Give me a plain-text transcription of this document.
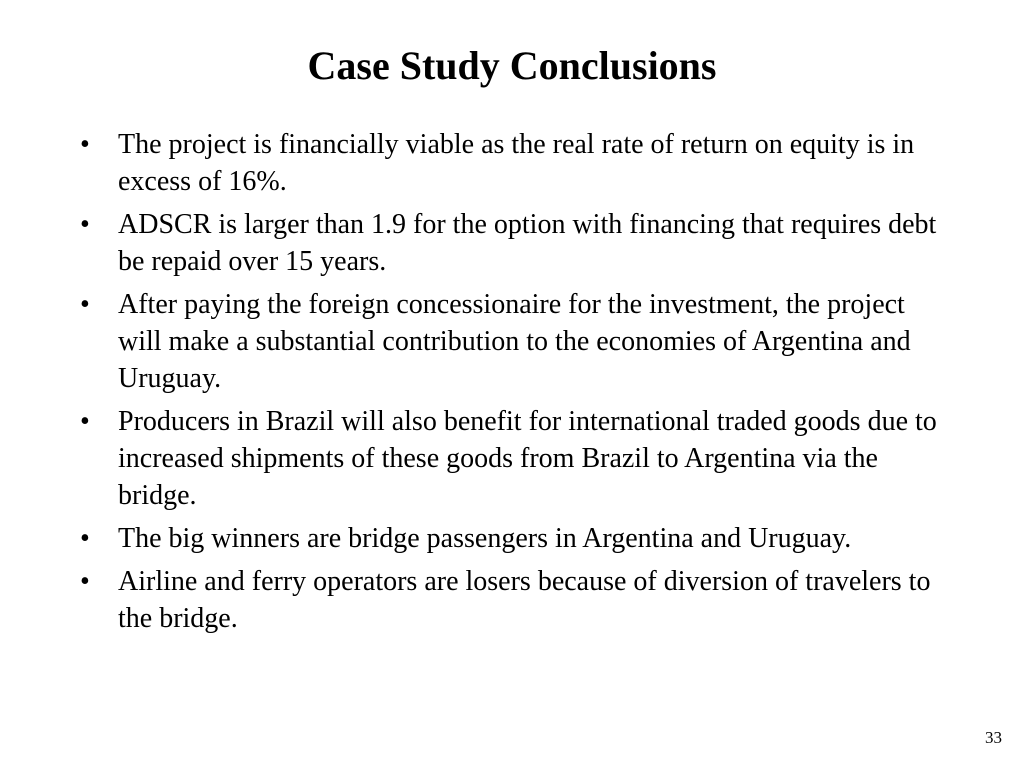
Case Study Conclusions
•	The project is financially viable as the real rate of return on equity is in excess of 16%.
•	ADSCR is larger than 1.9 for the option with financing that requires debt be repaid over 15 years.
•	After paying the foreign concessionaire for the investment, the project will make a substantial contribution to the economies of Argentina and Uruguay.
•	Producers in Brazil will also benefit for international traded goods due to increased shipments of these goods from Brazil to Argentina via the bridge.
•	The big winners are bridge passengers in Argentina and Uruguay.
•	Airline and ferry operators are losers because of diversion of travelers to the bridge.
33
